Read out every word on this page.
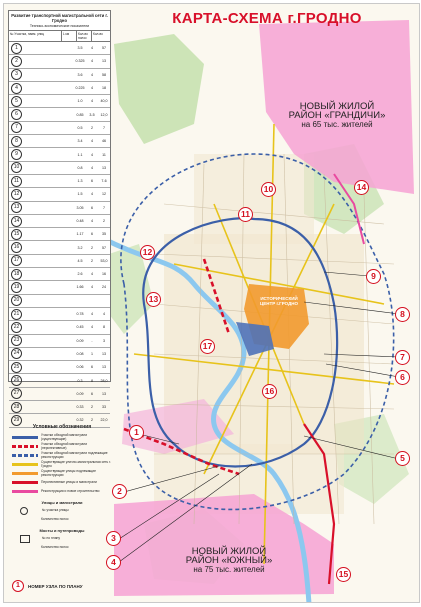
КАРТА-СХЕМА г.ГРОДНО
Развитие транспортной магистральной сети г. Гродно
Технико-экономические показатели
№ Участка, наим. улиц	L км	Кол-во полос
Кол-во
1	3.5	4	57
2	0.325	4	13
3	3.6	4	58
4	0.225	4	18
5	1.0	4	40,0
6	0.85	3-5	12,0
7	0.5	2	7
8	3.4	4	46
9	1.1	4	11
10	0.8	4	13
11	1.3	6	7-6
12	1.5	4	12
13	3.05	6	7
14	0.48	4	2
15	1.17	6	35
16	3.2	2	57
17	4.5	2	53,0
18	2.6	4	16
19	1.66	4	24
20
21	0.78	4	4
22	0.45	4	8
23	0.09	-	3
24	0.08	1	13
25	0.06	6	13
26	0.3	8	28,0
27	0.09	6	13
28	0.33	2	33
29	0.32	2	22,0
Условные обозначения
Участки обходной магистрали (существующие)
Участки обходной магистрали (перспективные)
Участки обходной магистрали подлежащие реконструкции
Существующие улично-магистральная сеть г. Гродно
Существующие улицы подлежащие реконструкции
Перспективные улицы и магистрали
Реконструкция и новое строительство
Улицы и магистрали
№ участка улицы
Количество полос
Мосты и путепроводы
№ по плану
Количество полос
1	НОМЕР УЗЛА ПО ПЛАНУ
НОВЫЙ ЖИЛОЙ
РАЙОН «ГРАНДИЧИ»
на 65 тыс. жителей
НОВЫЙ ЖИЛОЙ
РАЙОН «ЮЖНЫЙ»
на 75 тыс. жителей
ИСТОРИЧЕСКИЙ ЦЕНТР г.ГРОДНО
1
2
3
4
5
6
7
8
9
10
11
12
13
14
15
16
17
